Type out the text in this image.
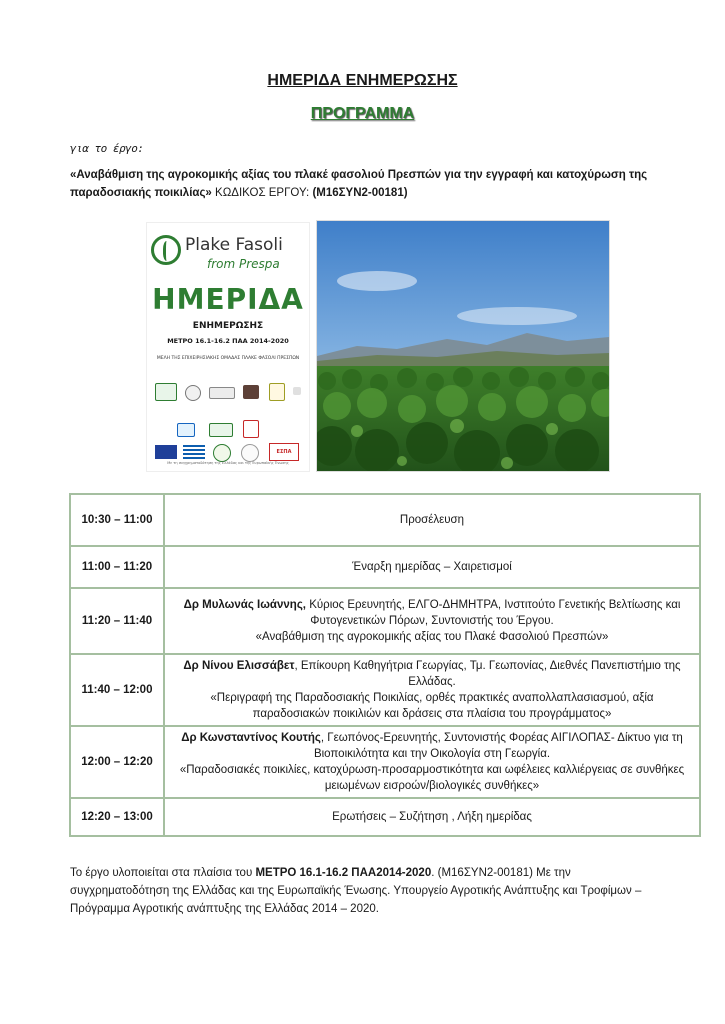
ΗΜΕΡΙΔΑ ΕΝΗΜΕΡΩΣΗΣ
ΠΡΟΓΡΑΜΜΑ
για το έργο:
«Αναβάθμιση της αγροκομικής αξίας του πλακέ φασολιού Πρεσπών για την εγγραφή και κατοχύρωση της παραδοσιακής ποικιλίας» ΚΩΔΙΚΟΣ ΕΡΓΟΥ: (Μ16ΣΥΝ2-00181)
Plake Fasoli
from Prespa
ΗΜΕΡΙΔΑ
ΕΝΗΜΕΡΩΣΗΣ
ΜΕΤΡΟ 16.1-16.2 ΠΑΑ 2014-2020
ΜΕΛΗ ΤΗΣ ΕΠΙΧΕΙΡΗΣΙΑΚΗΣ ΟΜΑΔΑΣ ΠΛΑΚΕ ΦΑΣΟΛΙ ΠΡΕΣΠΩΝ
ΕΣΠΑ
Με τη συγχρηματοδότηση της Ελλάδας και της Ευρωπαϊκής Ένωσης
10:30 – 11:00	Προσέλευση
11:00 – 11:20	Έναρξη ημερίδας – Χαιρετισμοί
11:20 – 11:40	Δρ Μυλωνάς Ιωάννης, Κύριος Ερευνητής, ΕΛΓΟ-ΔΗΜΗΤΡΑ, Ινστιτούτο Γενετικής Βελτίωσης και Φυτογενετικών Πόρων, Συντονιστής του Έργου.
«Αναβάθμιση της αγροκομικής αξίας του Πλακέ Φασολιού Πρεσπών»
11:40 – 12:00	Δρ Νίνου Ελισσάβετ, Επίκουρη Καθηγήτρια Γεωργίας, Τμ. Γεωπονίας, Διεθνές Πανεπιστήμιο της Ελλάδας.
«Περιγραφή της Παραδοσιακής Ποικιλίας, ορθές πρακτικές αναπολλαπλασιασμού, αξία παραδοσιακών ποικιλιών και δράσεις στα πλαίσια του προγράμματος»
12:00 – 12:20	Δρ Κωνσταντίνος Κουτής, Γεωπόνος-Ερευνητής, Συντονιστής Φορέας ΑΙΓΙΛΟΠΑΣ- Δίκτυο για τη Βιοποικιλότητα και την Οικολογία στη Γεωργία.
«Παραδοσιακές ποικιλίες, κατοχύρωση-προσαρμοστικότητα και ωφέλειες καλλιέργειας σε συνθήκες μειωμένων εισροών/βιολογικές συνθήκες»
12:20 – 13:00	Ερωτήσεις – Συζήτηση , Λήξη ημερίδας
Το έργο υλοποιείται στα πλαίσια του ΜΕΤΡΟ 16.1-16.2 ΠΑΑ2014-2020. (Μ16ΣΥΝ2-00181) Με την συγχρηματοδότηση της Ελλάδας και της Ευρωπαϊκής Ένωσης. Υπουργείο Αγροτικής Ανάπτυξης και Τροφίμων – Πρόγραμμα Αγροτικής ανάπτυξης της Ελλάδας 2014 – 2020.
